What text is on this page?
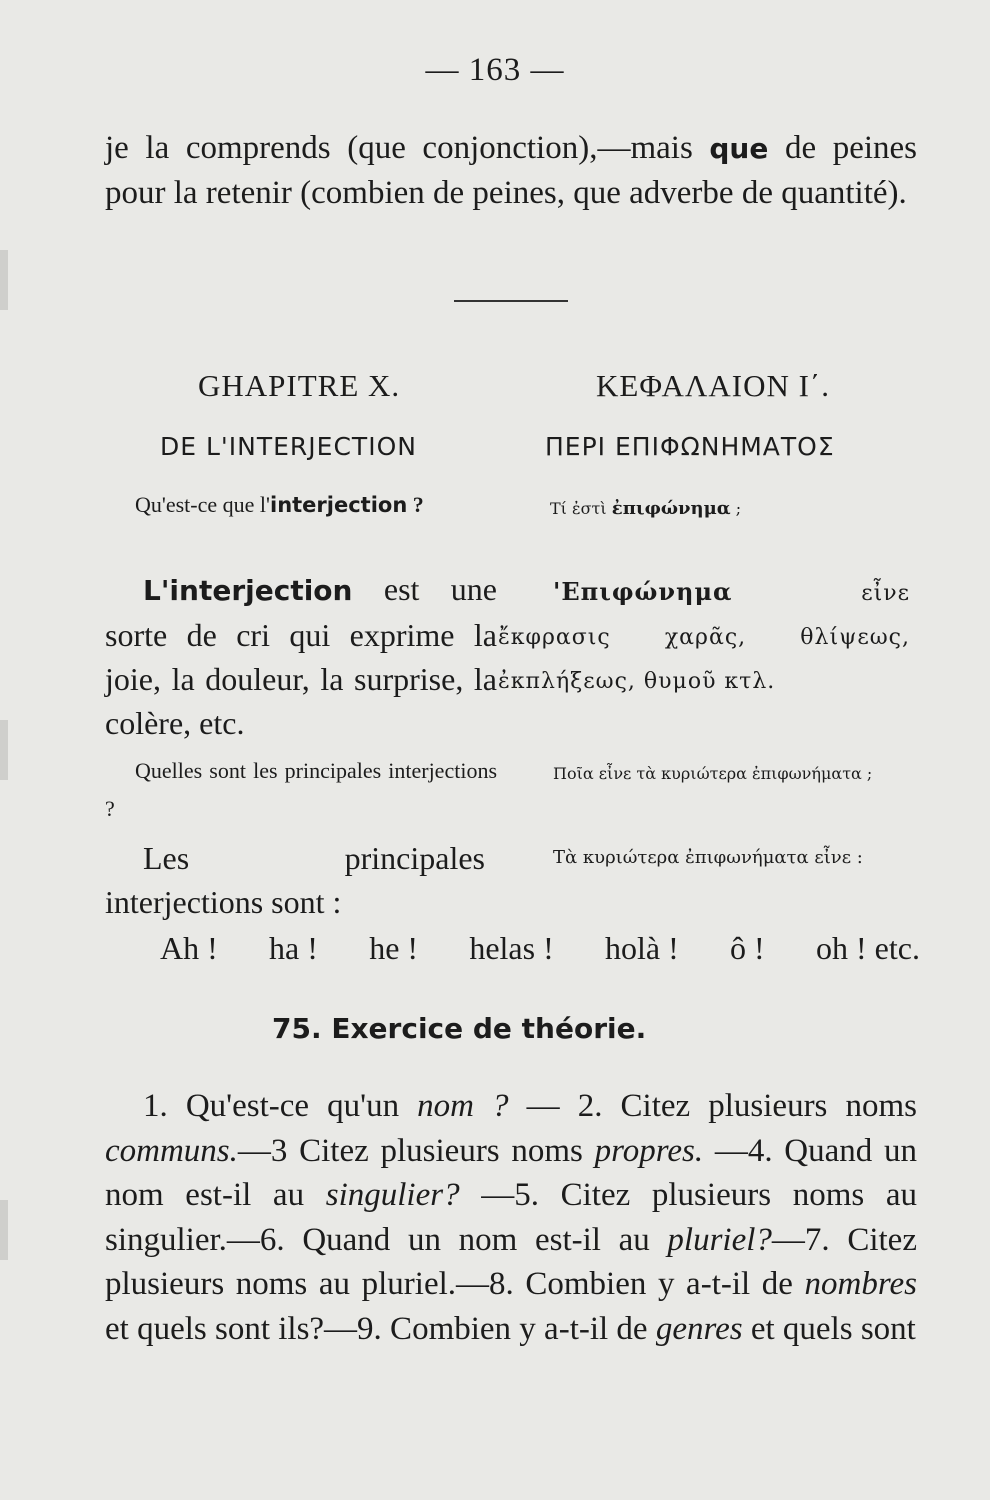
— 163 —
je la comprends (que conjonction),—mais que de peines pour la retenir (combien de peines, que adverbe de quantité).
GHAPITRE X.	ΚΕΦΑΛΑΙΟΝ Ι΄.
DE L'INTERJECTION	ΠΕΡΙ ΕΠΙΦΩΝΗΜΑΤΟΣ
Qu'est-ce que l'interjection ?	Τί ἐστὶ ἐπιφώνημα ;
L'interjection est une sorte de cri qui exprime la joie, la douleur, la surprise, la colère, etc.
'Επιφώνημα εἶνε ἔκφρασις χαρᾶς, θλίψεως, ἐκπλήξεως, θυμοῦ κτλ.
Quelles sont les principales interjections ?
Ποῖα εἶνε τὰ κυριώτερα ἐπιφωνήματα ;
Les principales interjections sont :
Τὰ κυριώτερα ἐπιφωνήματα εἶνε :
Ah ! ha ! he ! helas ! holà ! ô ! oh ! etc.
75. Exercice de théorie.
1. Qu'est-ce qu'un nom ? — 2. Citez plusieurs noms communs.—3 Citez plusieurs noms propres. —4. Quand un nom est-il au singulier? —5. Citez plusieurs noms au singulier.—6. Quand un nom est-il au pluriel?—7. Citez plusieurs noms au pluriel.—8. Combien y a-t-il de nombres et quels sont ils?—9. Combien y a-t-il de genres et quels sont
